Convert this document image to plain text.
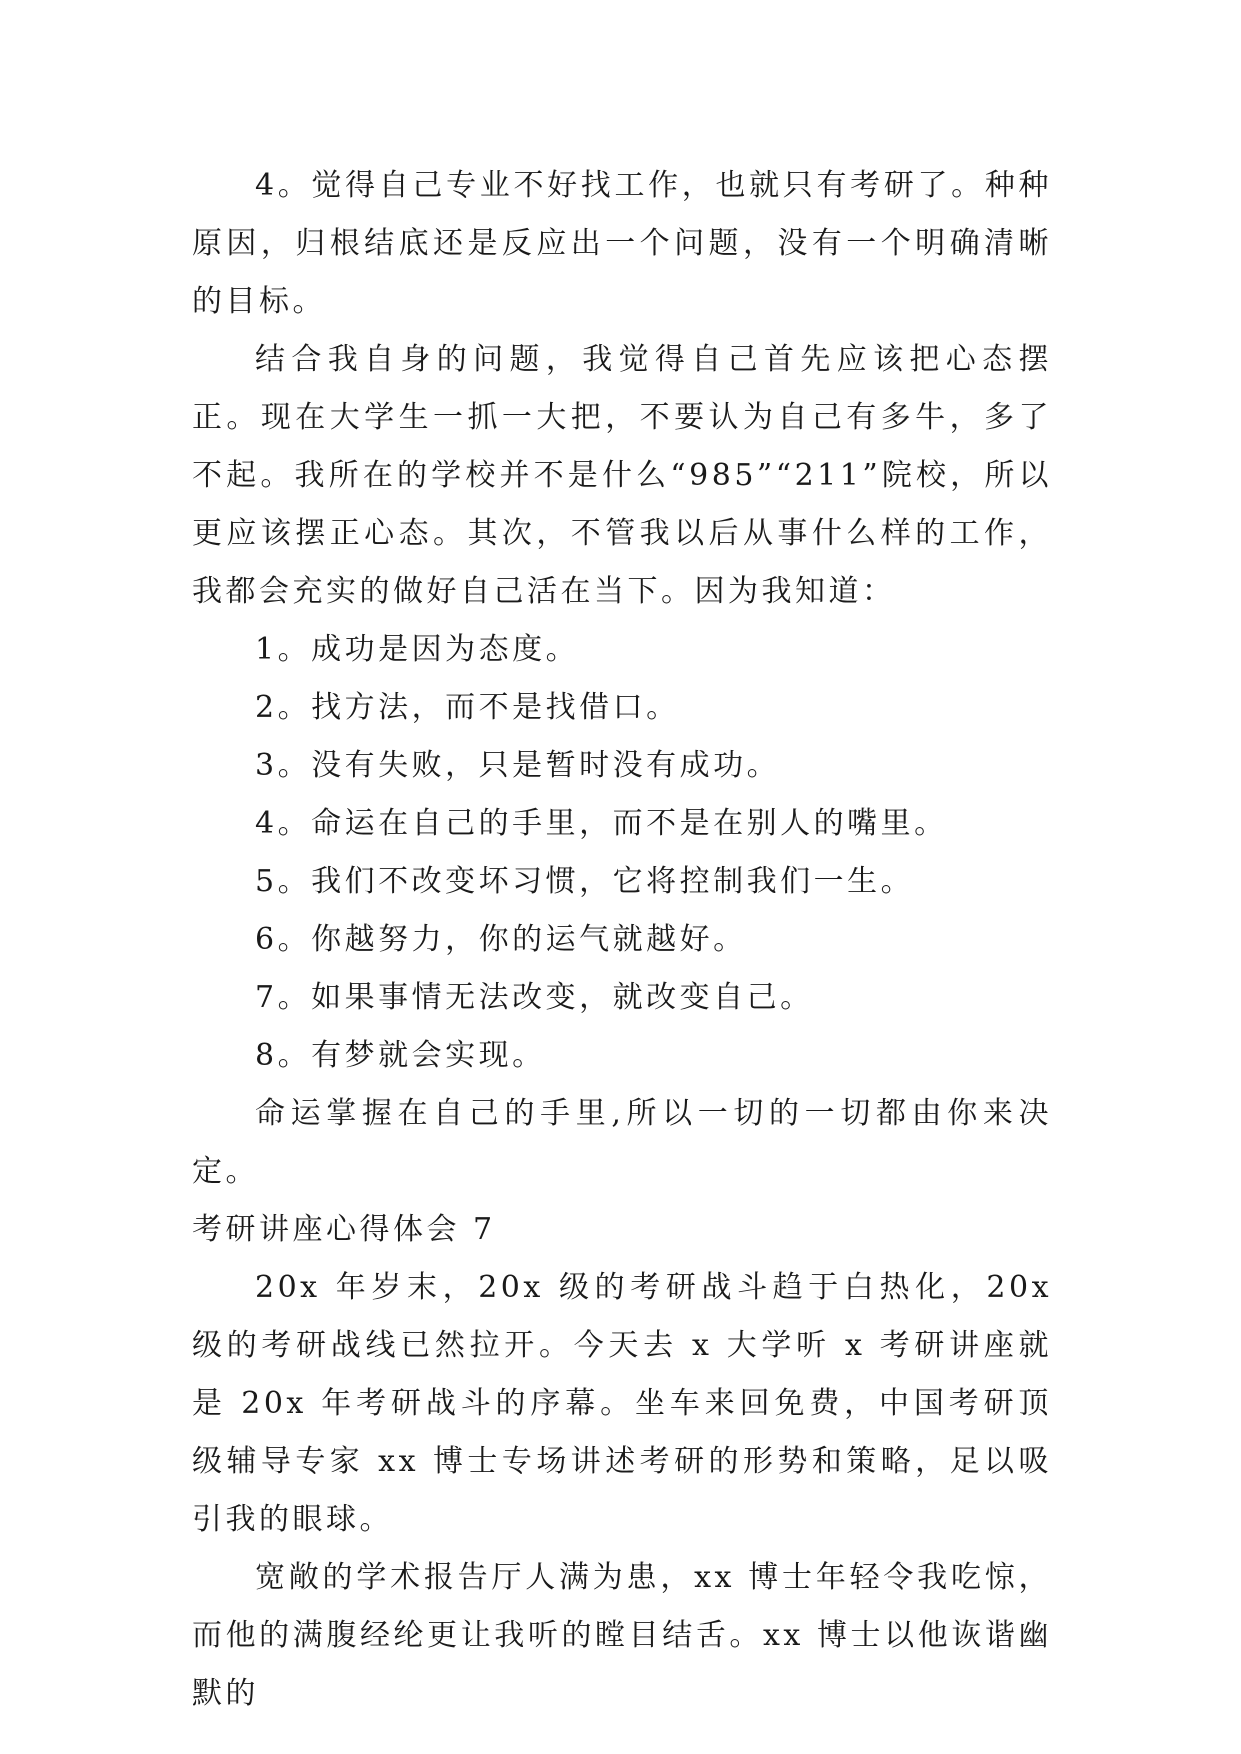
4。觉得自己专业不好找工作，也就只有考研了。种种原因，归根结底还是反应出一个问题，没有一个明确清晰的目标。

结合我自身的问题，我觉得自己首先应该把心态摆正。现在大学生一抓一大把，不要认为自己有多牛，多了不起。我所在的学校并不是什么“985”“211”院校，所以更应该摆正心态。其次，不管我以后从事什么样的工作，我都会充实的做好自己活在当下。因为我知道：

1。成功是因为态度。

2。找方法，而不是找借口。

3。没有失败，只是暂时没有成功。

4。命运在自己的手里，而不是在别人的嘴里。

5。我们不改变坏习惯，它将控制我们一生。

6。你越努力，你的运气就越好。

7。如果事情无法改变，就改变自己。

8。有梦就会实现。

命运掌握在自己的手里,所以一切的一切都由你来决定。

考研讲座心得体会 7

20x 年岁末，20x 级的考研战斗趋于白热化，20x 级的考研战线已然拉开。今天去 x 大学听 x 考研讲座就是 20x 年考研战斗的序幕。坐车来回免费，中国考研顶级辅导专家 xx 博士专场讲述考研的形势和策略，足以吸引我的眼球。

宽敞的学术报告厅人满为患，xx 博士年轻令我吃惊，而他的满腹经纶更让我听的瞠目结舌。xx 博士以他诙谐幽默的
